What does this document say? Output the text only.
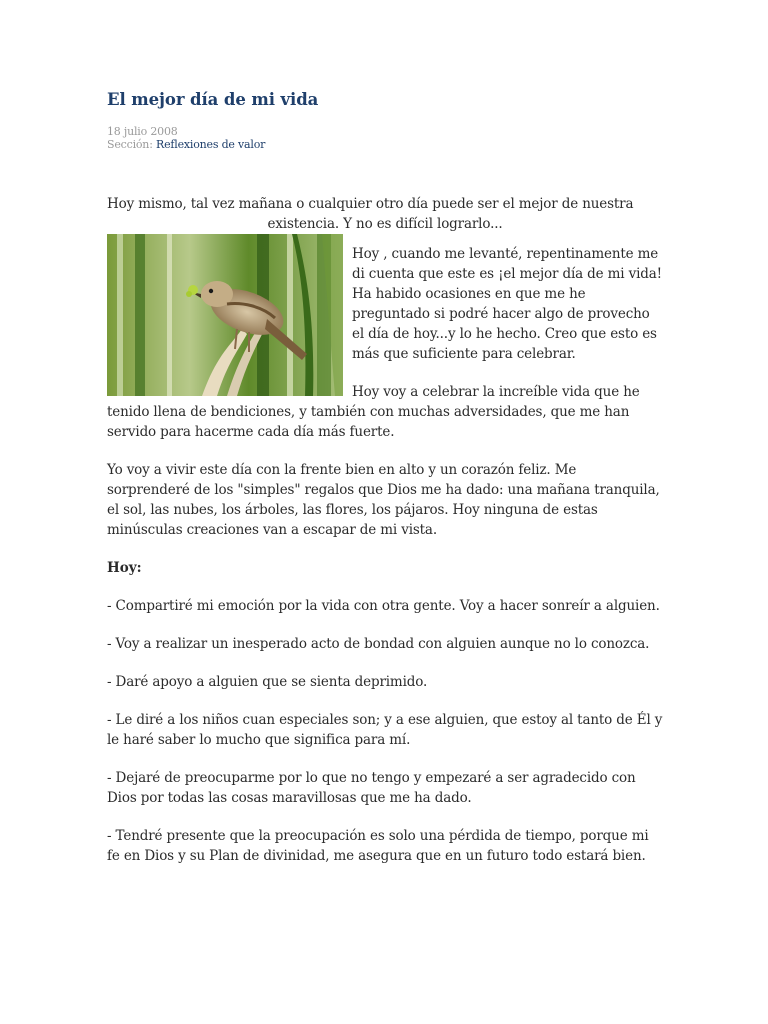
El mejor día de mi vida
18 julio 2008
Sección: Reflexiones de valor

Hoy mismo, tal vez mañana o cualquier otro día puede ser el mejor de nuestra
existencia. Y no es difícil lograrlo...

Hoy , cuando me levanté, repentinamente me di cuenta que este es ¡el mejor día de mi vida! Ha habido ocasiones en que me he preguntado si podré hacer algo de provecho el día de hoy...y lo he hecho. Creo que esto es más que suficiente para celebrar.

Hoy voy a celebrar la increíble vida que he tenido llena de bendiciones, y también con muchas adversidades, que me han servido para hacerme cada día más fuerte.

Yo voy a vivir este día con la frente bien en alto y un corazón feliz. Me sorprenderé de los "simples" regalos que Dios me ha dado: una mañana tranquila, el sol, las nubes, los árboles, las flores, los pájaros. Hoy ninguna de estas minúsculas creaciones van a escapar de mi vista.

Hoy:

- Compartiré mi emoción por la vida con otra gente. Voy a hacer sonreír a alguien.

- Voy a realizar un inesperado acto de bondad con alguien aunque no lo conozca.

- Daré apoyo a alguien que se sienta deprimido.

- Le diré a los niños cuan especiales son; y a ese alguien, que estoy al tanto de Él y le haré saber lo mucho que significa para mí.

- Dejaré de preocuparme por lo que no tengo y empezaré a ser agradecido con Dios por todas las cosas maravillosas que me ha dado.

- Tendré presente que la preocupación es solo una pérdida de tiempo, porque mi fe en Dios y su Plan de divinidad, me asegura que en un futuro todo estará bien.
